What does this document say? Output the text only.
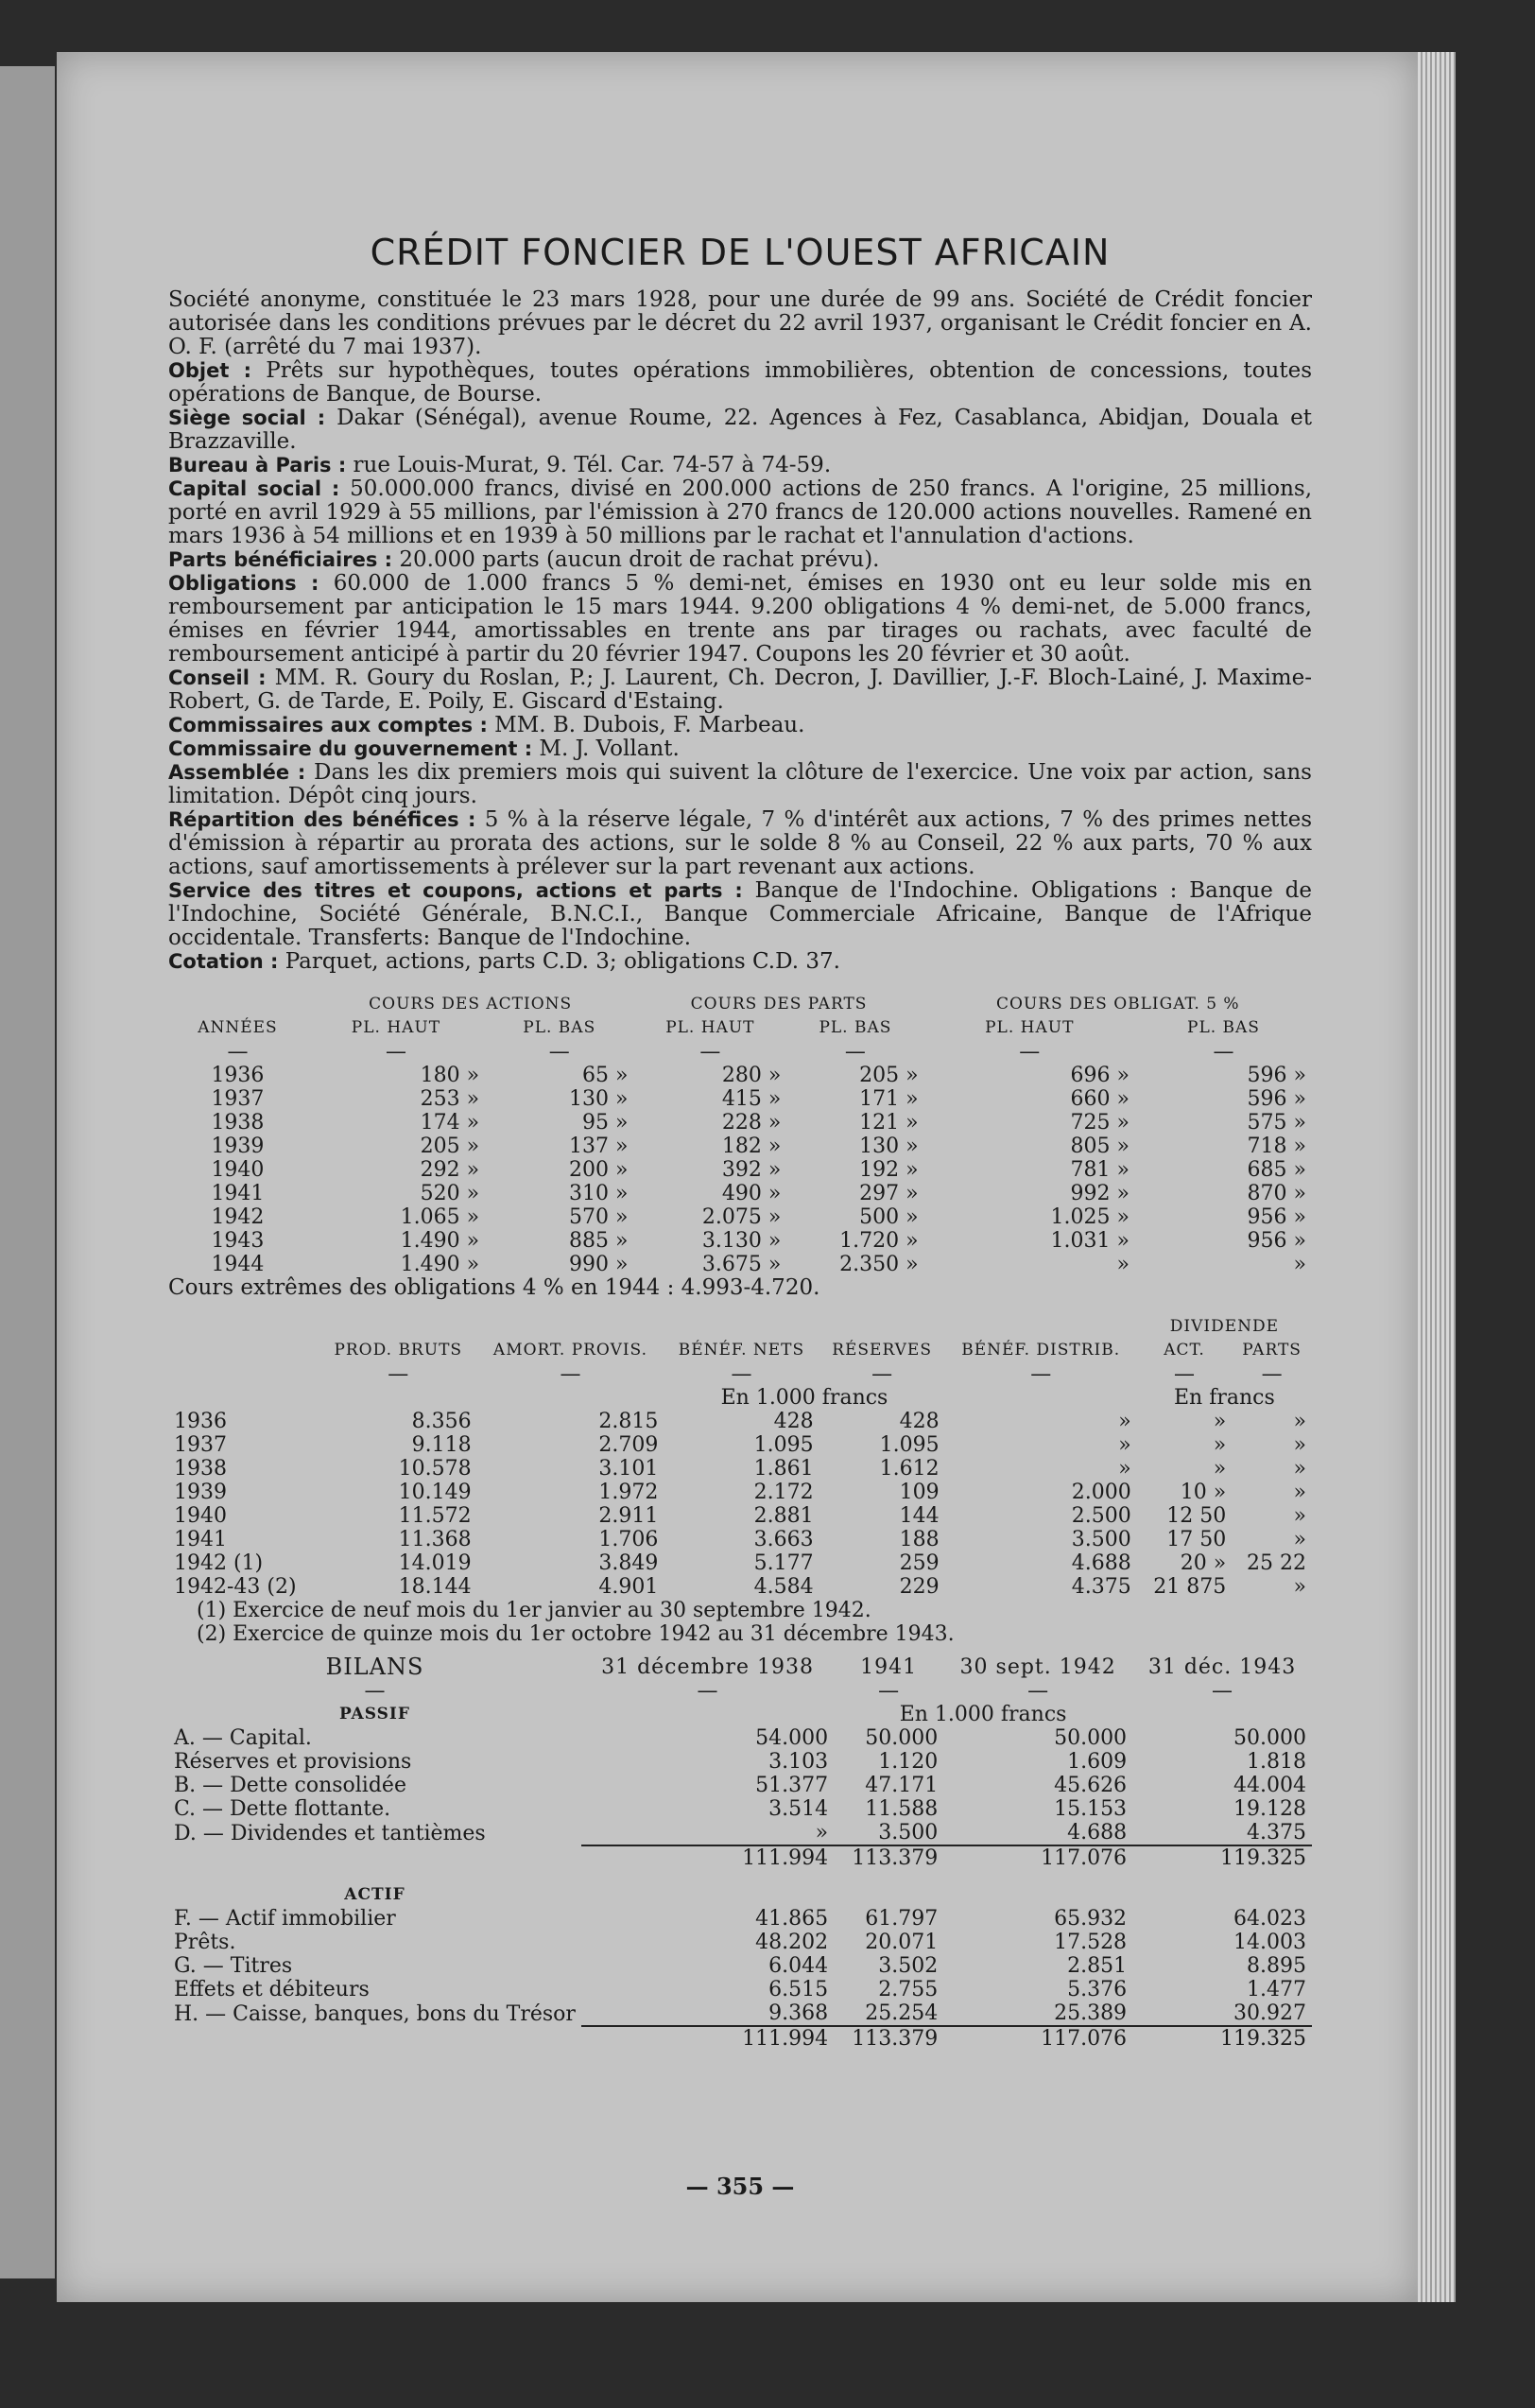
CRÉDIT FONCIER DE L'OUEST AFRICAIN

Société anonyme, constituée le 23 mars 1928, pour une durée de 99 ans. Société de Crédit foncier autorisée dans les conditions prévues par le décret du 22 avril 1937, organisant le Crédit foncier en A. O. F. (arrêté du 7 mai 1937).

Objet : Prêts sur hypothèques, toutes opérations immobilières, obtention de concessions, toutes opérations de Banque, de Bourse.

Siège social : Dakar (Sénégal), avenue Roume, 22. Agences à Fez, Casablanca, Abidjan, Douala et Brazzaville.

Bureau à Paris : rue Louis-Murat, 9. Tél. Car. 74-57 à 74-59.

Capital social : 50.000.000 francs, divisé en 200.000 actions de 250 francs. A l'origine, 25 millions, porté en avril 1929 à 55 millions, par l'émission à 270 francs de 120.000 actions nouvelles. Ramené en mars 1936 à 54 millions et en 1939 à 50 millions par le rachat et l'annulation d'actions.

Parts bénéficiaires : 20.000 parts (aucun droit de rachat prévu).

Obligations : 60.000 de 1.000 francs 5 % demi-net, émises en 1930 ont eu leur solde mis en remboursement par anticipation le 15 mars 1944. 9.200 obligations 4 % demi-net, de 5.000 francs, émises en février 1944, amortissables en trente ans par tirages ou rachats, avec faculté de remboursement anticipé à partir du 20 février 1947. Coupons les 20 février et 30 août.

Conseil : MM. R. Goury du Roslan, P.; J. Laurent, Ch. Decron, J. Davillier, J.-F. Bloch-Lainé, J. Maxime-Robert, G. de Tarde, E. Poily, E. Giscard d'Estaing.

Commissaires aux comptes : MM. B. Dubois, F. Marbeau.

Commissaire du gouvernement : M. J. Vollant.

Assemblée : Dans les dix premiers mois qui suivent la clôture de l'exercice. Une voix par action, sans limitation. Dépôt cinq jours.

Répartition des bénéfices : 5 % à la réserve légale, 7 % d'intérêt aux actions, 7 % des primes nettes d'émission à répartir au prorata des actions, sur le solde 8 % au Conseil, 22 % aux parts, 70 % aux actions, sauf amortissements à prélever sur la part revenant aux actions.

Service des titres et coupons, actions et parts : Banque de l'Indochine. Obligations : Banque de l'Indochine, Société Générale, B.N.C.I., Banque Commerciale Africaine, Banque de l'Afrique occidentale. Transferts: Banque de l'Indochine.

Cotation : Parquet, actions, parts C.D. 3; obligations C.D. 37.

ANNÉES	COURS DES ACTIONS		COURS DES PARTS		COURS DES OBLIGAT. 5 %	
	PL. HAUT	PL. BAS	PL. HAUT	PL. BAS	PL. HAUT	PL. BAS
—	—	—	—	—	—	—
1936	180 »	65 »	280 »	205 »	696 »	596 »
1937	253 »	130 »	415 »	171 »	660 »	596 »
1938	174 »	95 »	228 »	121 »	725 »	575 »
1939	205 »	137 »	182 »	130 »	805 »	718 »
1940	292 »	200 »	392 »	192 »	781 »	685 »
1941	520 »	310 »	490 »	297 »	992 »	870 »
1942	1.065 »	570 »	2.075 »	500 »	1.025 »	956 »
1943	1.490 »	885 »	3.130 »	1.720 »	1.031 »	956 »
1944	1.490 »	990 »	3.675 »	2.350 »	»	»

Cours extrêmes des obligations 4 % en 1944 : 4.993-4.720.

	PROD. BRUTS	AMORT. PROVIS.	BÉNÉF. NETS	RÉSERVES	BÉNÉF. DISTRIB.	DIVIDENDE	
						ACT.	PARTS
	—	—	—	—	—	—	—
			En 1.000 francs			En francs	
1936	8.356	2.815	428	428	»	»	»
1937	9.118	2.709	1.095	1.095	»	»	»
1938	10.578	3.101	1.861	1.612	»	»	»
1939	10.149	1.972	2.172	109	2.000	10 »	»
1940	11.572	2.911	2.881	144	2.500	12 50	»
1941	11.368	1.706	3.663	188	3.500	17 50	»
1942 (1)	14.019	3.849	5.177	259	4.688	20 »	25 22
1942-43 (2)	18.144	4.901	4.584	229	4.375	21 875	»

(1) Exercice de neuf mois du 1er janvier au 30 septembre 1942.

(2) Exercice de quinze mois du 1er octobre 1942 au 31 décembre 1943.

BILANS	31 décembre 1938	1941	30 sept. 1942	31 déc. 1943
—	—	—	—	—
PASSIF		En 1.000 francs		
A. — Capital.	54.000	50.000	50.000	50.000
Réserves et provisions	3.103	1.120	1.609	1.818
B. — Dette consolidée	51.377	47.171	45.626	44.004
C. — Dette flottante.	3.514	11.588	15.153	19.128
D. — Dividendes et tantièmes	»	3.500	4.688	4.375
	111.994	113.379	117.076	119.325
ACTIF				
F. — Actif immobilier	41.865	61.797	65.932	64.023
Prêts.	48.202	20.071	17.528	14.003
G. — Titres	6.044	3.502	2.851	8.895
Effets et débiteurs	6.515	2.755	5.376	1.477
H. — Caisse, banques, bons du Trésor	9.368	25.254	25.389	30.927
	111.994	113.379	117.076	119.325
— 355 —
